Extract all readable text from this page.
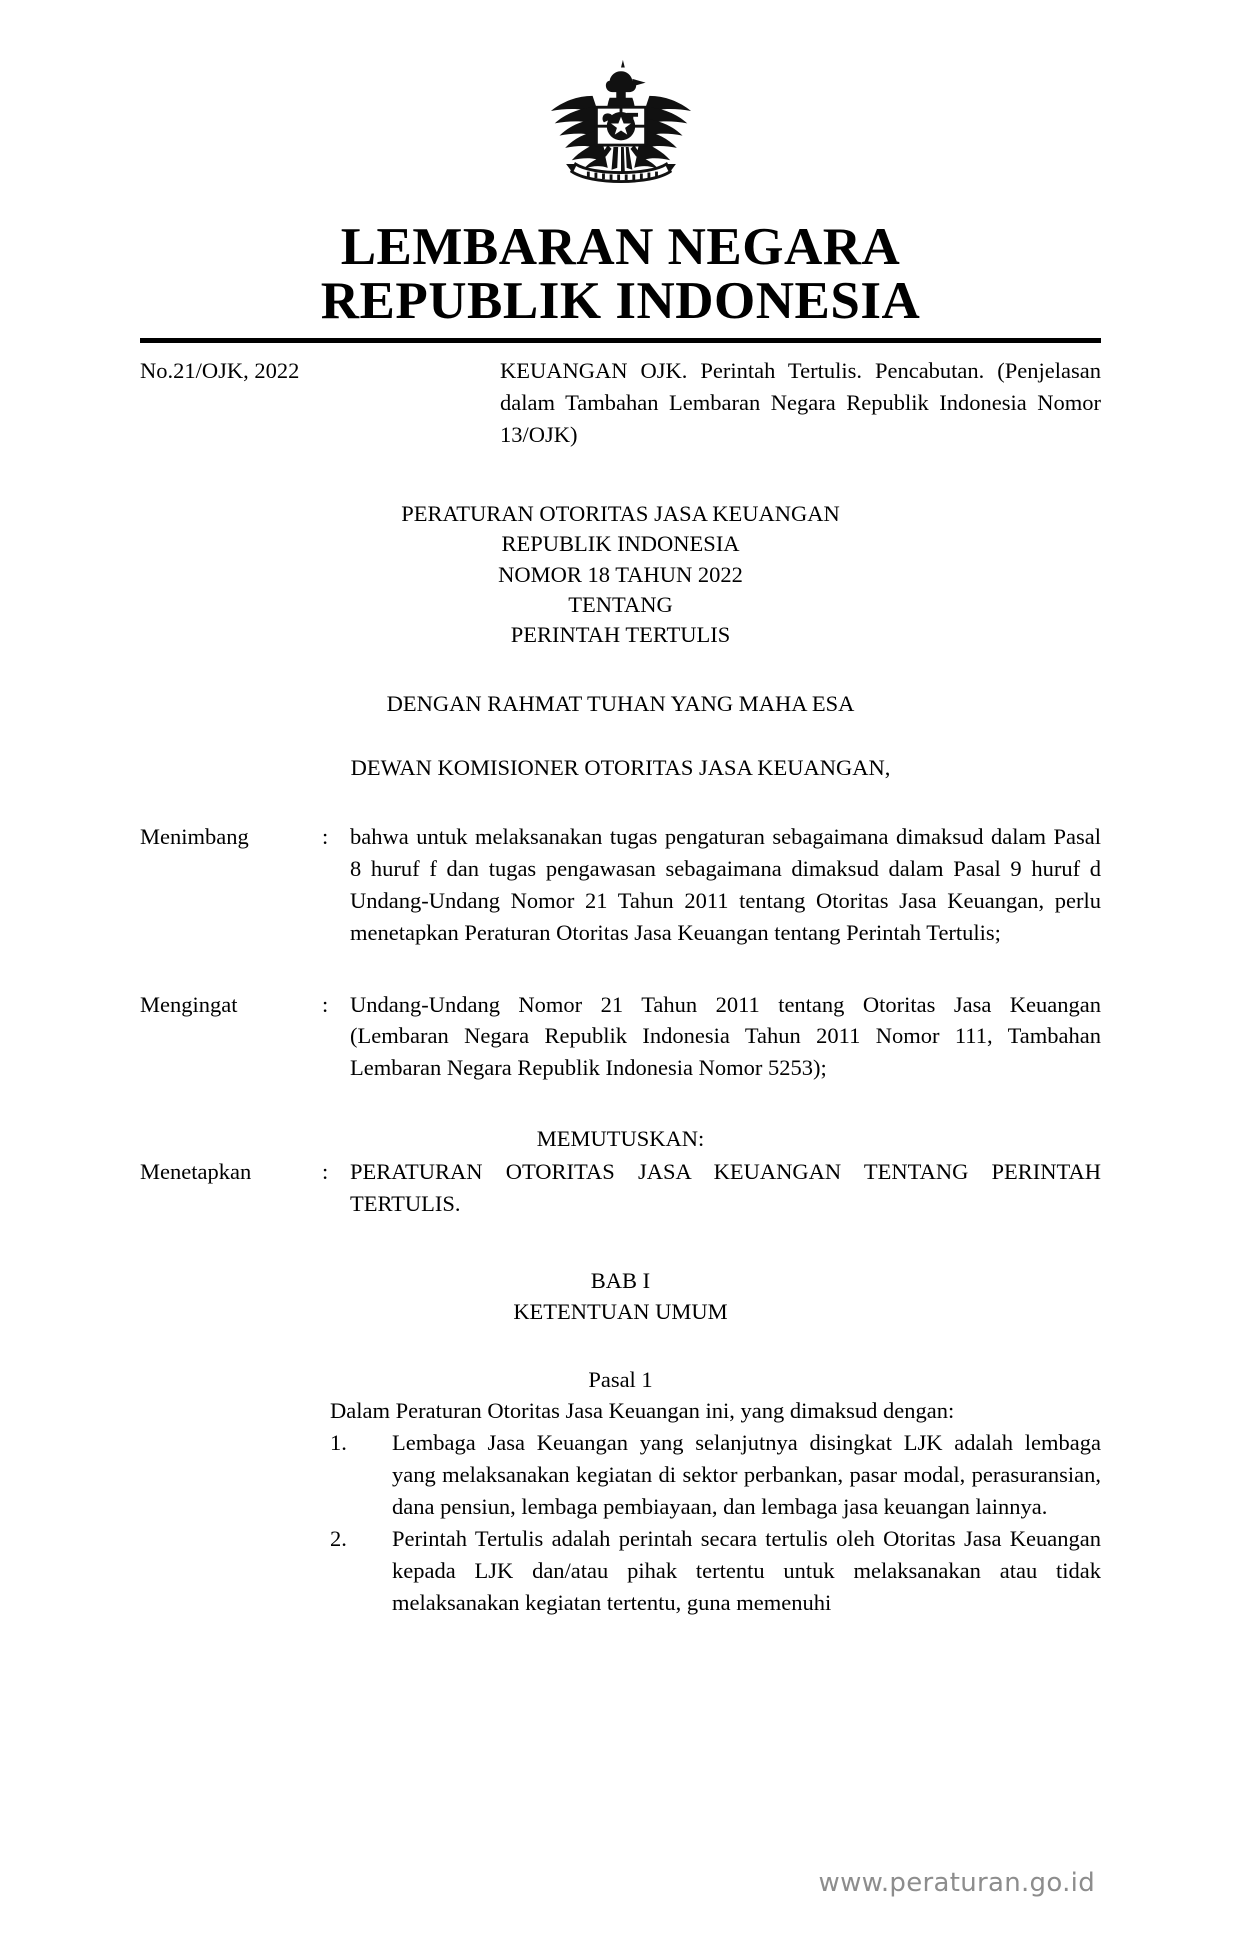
LEMBARAN NEGARA
REPUBLIK INDONESIA
No.21/OJK, 2022	KEUANGAN OJK. Perintah Tertulis. Pencabutan. (Penjelasan dalam Tambahan Lembaran Negara Republik Indonesia Nomor 13/OJK)
PERATURAN OTORITAS JASA KEUANGAN
REPUBLIK INDONESIA
NOMOR 18 TAHUN 2022
TENTANG
PERINTAH TERTULIS
DENGAN RAHMAT TUHAN YANG MAHA ESA
DEWAN KOMISIONER OTORITAS JASA KEUANGAN,
Menimbang	: bahwa untuk melaksanakan tugas pengaturan sebagaimana dimaksud dalam Pasal 8 huruf f dan tugas pengawasan sebagaimana dimaksud dalam Pasal 9 huruf d Undang-Undang Nomor 21 Tahun 2011 tentang Otoritas Jasa Keuangan, perlu menetapkan Peraturan Otoritas Jasa Keuangan tentang Perintah Tertulis;
Mengingat	: Undang-Undang Nomor 21 Tahun 2011 tentang Otoritas Jasa Keuangan (Lembaran Negara Republik Indonesia Tahun 2011 Nomor 111, Tambahan Lembaran Negara Republik Indonesia Nomor 5253);
MEMUTUSKAN:
Menetapkan	: PERATURAN OTORITAS JASA KEUANGAN TENTANG PERINTAH TERTULIS.
BAB I
KETENTUAN UMUM
Pasal 1
Dalam Peraturan Otoritas Jasa Keuangan ini, yang dimaksud dengan:
1.	Lembaga Jasa Keuangan yang selanjutnya disingkat LJK adalah lembaga yang melaksanakan kegiatan di sektor perbankan, pasar modal, perasuransian, dana pensiun, lembaga pembiayaan, dan lembaga jasa keuangan lainnya.
2.	Perintah Tertulis adalah perintah secara tertulis oleh Otoritas Jasa Keuangan kepada LJK dan/atau pihak tertentu untuk melaksanakan atau tidak melaksanakan kegiatan tertentu, guna memenuhi
www.peraturan.go.id
